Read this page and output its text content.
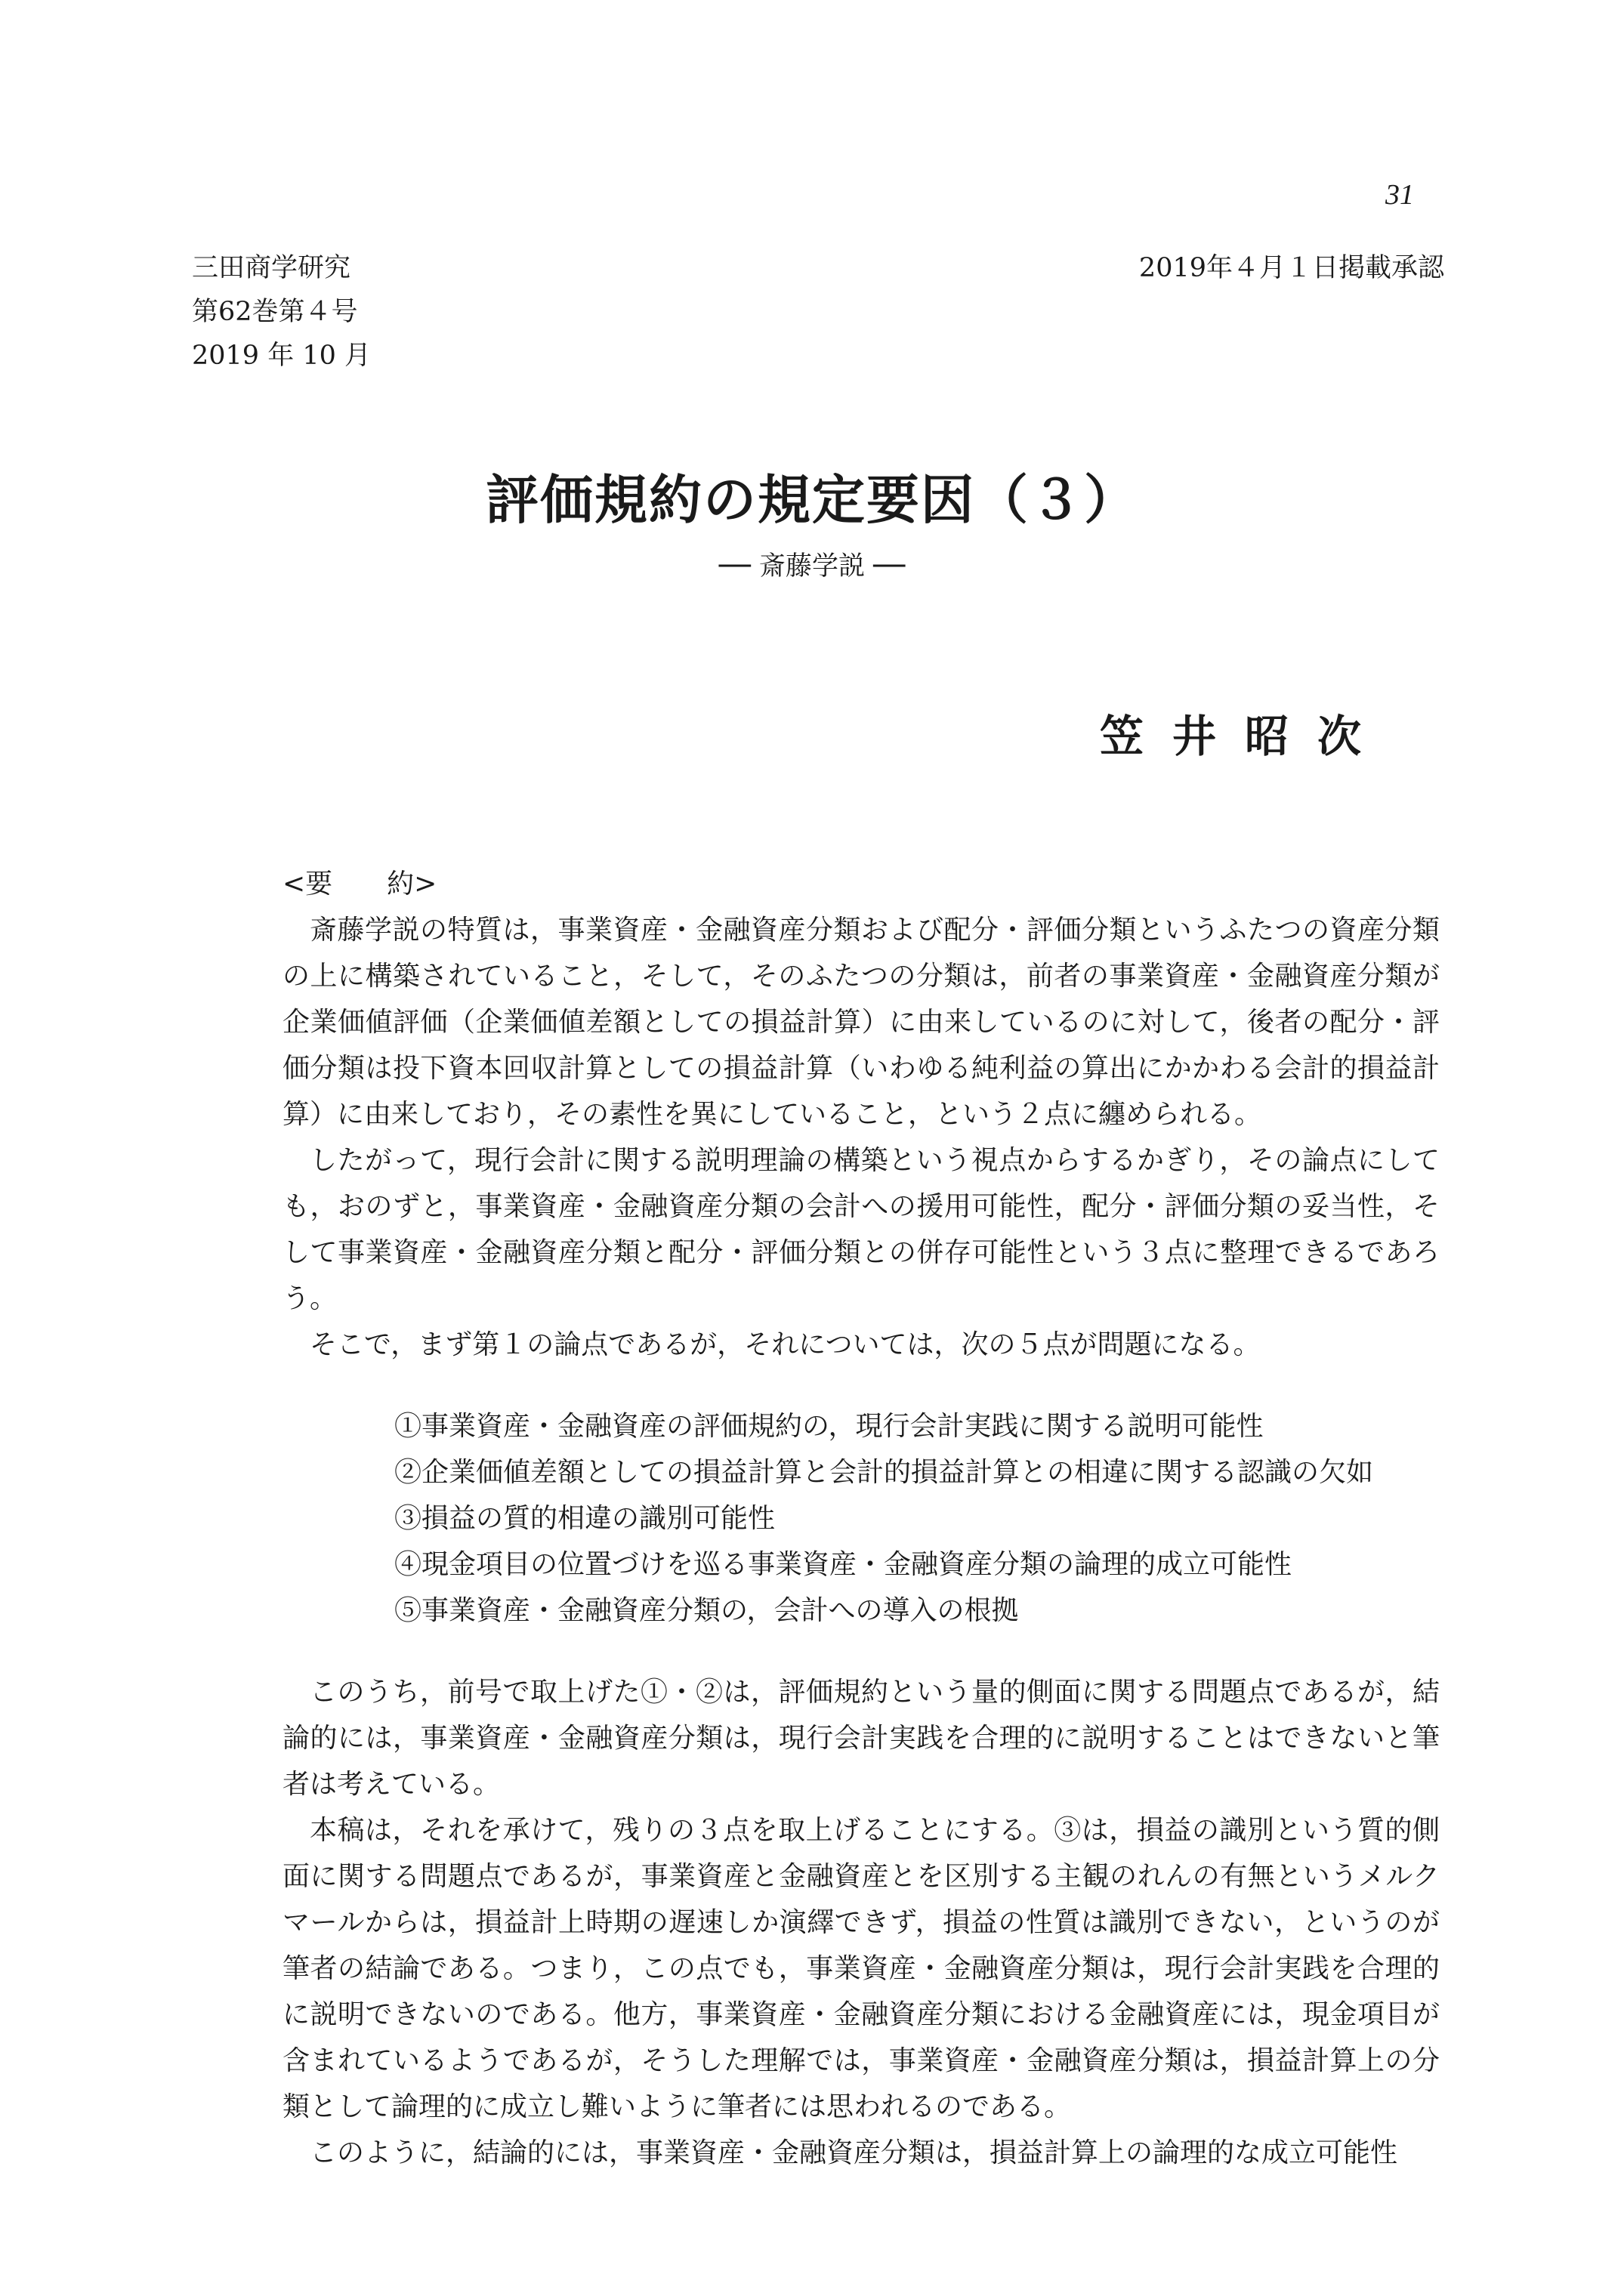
31
三田商学研究
第62巻第４号
2019 年 10 月
2019年４月１日掲載承認
評価規約の規定要因（３）
── 斎藤学説 ──
笠井昭次
<要　　約>

斎藤学説の特質は，事業資産・金融資産分類および配分・評価分類というふたつの資産分類の上に構築されていること，そして，そのふたつの分類は，前者の事業資産・金融資産分類が企業価値評価（企業価値差額としての損益計算）に由来しているのに対して，後者の配分・評価分類は投下資本回収計算としての損益計算（いわゆる純利益の算出にかかわる会計的損益計算）に由来しており，その素性を異にしていること，という２点に纏められる。

したがって，現行会計に関する説明理論の構築という視点からするかぎり，その論点にしても，おのずと，事業資産・金融資産分類の会計への援用可能性，配分・評価分類の妥当性，そして事業資産・金融資産分類と配分・評価分類との併存可能性という３点に整理できるであろう。

そこで，まず第１の論点であるが，それについては，次の５点が問題になる。

①事業資産・金融資産の評価規約の，現行会計実践に関する説明可能性
②企業価値差額としての損益計算と会計的損益計算との相違に関する認識の欠如
③損益の質的相違の識別可能性
④現金項目の位置づけを巡る事業資産・金融資産分類の論理的成立可能性
⑤事業資産・金融資産分類の，会計への導入の根拠

このうち，前号で取上げた①・②は，評価規約という量的側面に関する問題点であるが，結論的には，事業資産・金融資産分類は，現行会計実践を合理的に説明することはできないと筆者は考えている。

本稿は，それを承けて，残りの３点を取上げることにする。③は，損益の識別という質的側面に関する問題点であるが，事業資産と金融資産とを区別する主観のれんの有無というメルクマールからは，損益計上時期の遅速しか演繹できず，損益の性質は識別できない，というのが筆者の結論である。つまり，この点でも，事業資産・金融資産分類は，現行会計実践を合理的に説明できないのである。他方，事業資産・金融資産分類における金融資産には，現金項目が含まれているようであるが，そうした理解では，事業資産・金融資産分類は，損益計算上の分類として論理的に成立し難いように筆者には思われるのである。

このように，結論的には，事業資産・金融資産分類は，損益計算上の論理的な成立可能性
